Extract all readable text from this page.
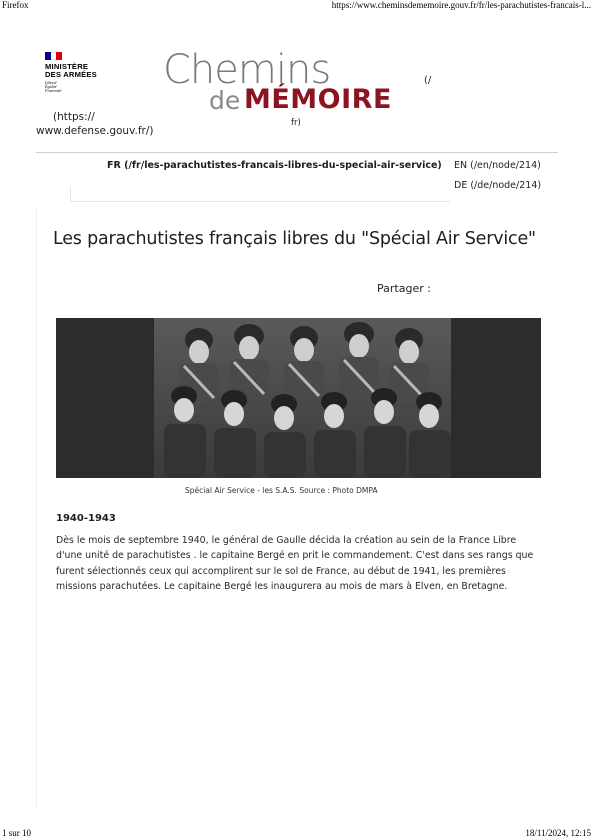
Firefox	https://www.cheminsdememoire.gouv.fr/fr/les-parachutistes-francais-l...
MINISTÈRE
DES ARMÉES
Liberté
Égalité
Fraternité
(https://
www.defense.gouv.fr/)
Chemins
de MÉMOIRE
(/
fr)
FR (/fr/les-parachutistes-francais-libres-du-special-air-service) EN (/en/node/214)
DE (/de/node/214)
Les parachutistes français libres du "Spécial Air Service"
Partager :
Spécial Air Service - les S.A.S. Source : Photo DMPA
1940-1943

Dès le mois de septembre 1940, le général de Gaulle décida la création au sein de la France Libre d'une unité de parachutistes . le capitaine Bergé en prit le commandement. C'est dans ses rangs que furent sélectionnés ceux qui accomplirent sur le sol de France, au début de 1941, les premières missions parachutées. Le capitaine Bergé les inaugurera au mois de mars à Elven, en Bretagne.

1 sur 10	18/11/2024, 12:15
